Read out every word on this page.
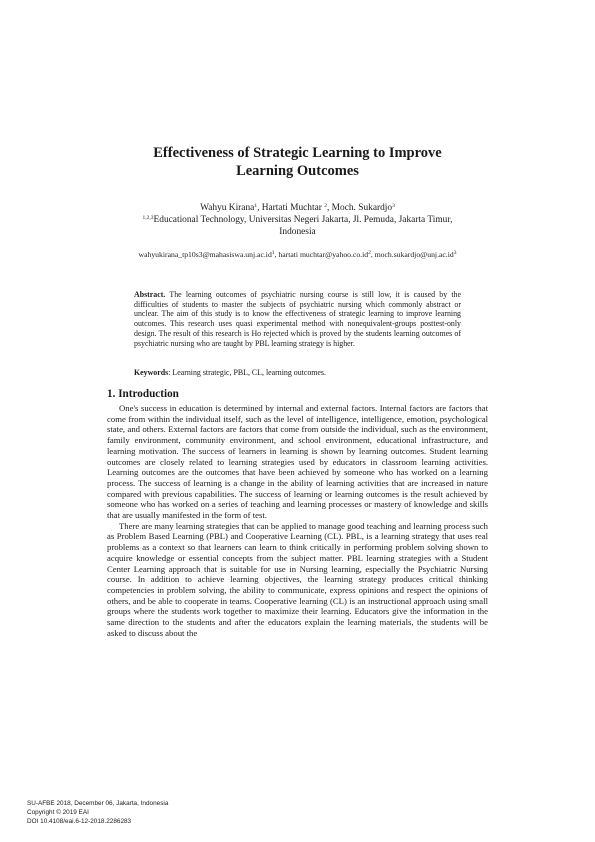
Effectiveness of Strategic Learning to Improve
Learning Outcomes
Wahyu Kirana$^1$, Hartati Muchtar $^2$, Moch. Sukardjo$^3$
$^{1,2,3}$Educational Technology, Universitas Negeri Jakarta, Jl. Pemuda, Jakarta Timur,
Indonesia
$wahyukirana\_tp10s3@mahasiswa.unj.ac.id^1$, hartati $muchtar@yahoo.co.id^2$, $moch.sukardjo@unj.ac.id^3$

Abstract. The learning outcomes of psychiatric nursing course is still low, it is caused by the difficulties of students to master the subjects of psychiatric nursing which commonly abstract or unclear. The aim of this study is to know the effectiveness of strategic learning to improve learning outcomes. This research uses quasi experimental method with nonequivalent-groups posttest-only design. The result of this research is Ho rejected which is proved by the students learning outcomes of psychiatric nursing who are taught by PBL learning strategy is higher.

Keywords: Learning strategic, PBL, CL, learning outcomes.
1. Introduction

One's success in education is determined by internal and external factors. Internal factors are factors that come from within the individual itself, such as the level of intelligence, intelligence, emotion, psychological state, and others. External factors are factors that come from outside the individual, such as the environment, family environment, community environment, and school environment, educational infrastructure, and learning motivation. The success of learners in learning is shown by learning outcomes. Student learning outcomes are closely related to learning strategies used by educators in classroom learning activities. Learning outcomes are the outcomes that have been achieved by someone who has worked on a learning process. The success of learning is a change in the ability of learning activities that are increased in nature compared with previous capabilities. The success of learning or learning outcomes is the result achieved by someone who has worked on a series of teaching and learning processes or mastery of knowledge and skills that are usually manifested in the form of test.

There are many learning strategies that can be applied to manage good teaching and learning process such as Problem Based Learning (PBL) and Cooperative Learning (CL). PBL, is a learning strategy that uses real problems as a context so that learners can learn to think critically in performing problem solving shown to acquire knowledge or essential concepts from the subject matter. PBL learning strategies with a Student Center Learning approach that is suitable for use in Nursing learning, especially the Psychiatric Nursing course. In addition to achieve learning objectives, the learning strategy produces critical thinking competencies in problem solving, the ability to communicate, express opinions and respect the opinions of others, and be able to cooperate in teams. Cooperative learning (CL) is an instructional approach using small groups where the students work together to maximize their learning. Educators give the information in the same direction to the students and after the educators explain the learning materials, the students will be asked to discuss about the

SU-AFBE 2018, December 06, Jakarta, Indonesia
Copyright © 2019 EAI
DOI 10.4108/eai.6-12-2018.2286283
